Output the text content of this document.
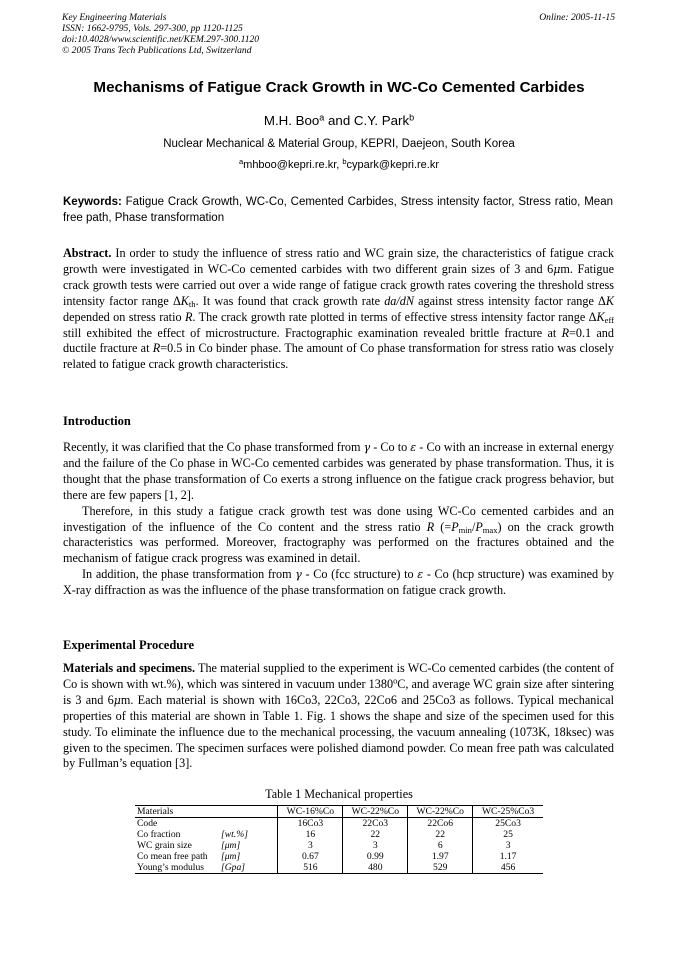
Key Engineering Materials
ISSN: 1662-9795, Vols. 297-300, pp 1120-1125
doi:10.4028/www.scientific.net/KEM.297-300.1120
© 2005 Trans Tech Publications Ltd, Switzerland
Online: 2005-11-15
Mechanisms of Fatigue Crack Growth in WC-Co Cemented Carbides
M.H. Boo$^a$ and C.Y. Park$^b$
Nuclear Mechanical & Material Group, KEPRI, Daejeon, South Korea
$^a$mhboo@kepri.re.kr, $^b$cypark@kepri.re.kr
Keywords: Fatigue Crack Growth, WC-Co, Cemented Carbides, Stress intensity factor, Stress ratio, Mean free path, Phase transformation
Abstract. In order to study the influence of stress ratio and WC grain size, the characteristics of fatigue crack growth were investigated in WC-Co cemented carbides with two different grain sizes of 3 and 6μm. Fatigue crack growth tests were carried out over a wide range of fatigue crack growth rates covering the threshold stress intensity factor range $\Delta K_{th}$. It was found that crack growth rate da/dN against stress intensity factor range ΔK depended on stress ratio R. The crack growth rate plotted in terms of effective stress intensity factor range $\Delta K_{eff}$ still exhibited the effect of microstructure. Fractographic examination revealed brittle fracture at R=0.1 and ductile fracture at R=0.5 in Co binder phase. The amount of Co phase transformation for stress ratio was closely related to fatigue crack growth characteristics.
Introduction
Recently, it was clarified that the Co phase transformed from γ - Co to ε - Co with an increase in external energy and the failure of the Co phase in WC-Co cemented carbides was generated by phase transformation. Thus, it is thought that the phase transformation of Co exerts a strong influence on the fatigue crack progress behavior, but there are few papers [1, 2].
Therefore, in this study a fatigue crack growth test was done using WC-Co cemented carbides and an investigation of the influence of the Co content and the stress ratio R $(=P_{min}/P_{max})$ on the crack growth characteristics was performed. Moreover, fractography was performed on the fractures obtained and the mechanism of fatigue crack progress was examined in detail.
In addition, the phase transformation from γ - Co (fcc structure) to ε - Co (hcp structure) was examined by X-ray diffraction as was the influence of the phase transformation on fatigue crack growth.
Experimental Procedure
Materials and specimens. The material supplied to the experiment is WC-Co cemented carbides (the content of Co is shown with wt.%), which was sintered in vacuum under 1380$^o$C, and average WC grain size after sintering is 3 and 6μm. Each material is shown with 16Co3, 22Co3, 22Co6 and 25Co3 as follows. Typical mechanical properties of this material are shown in Table 1. Fig. 1 shows the shape and size of the specimen used for this study. To eliminate the influence due to the mechanical processing, the vacuum annealing (1073K, 18ksec) was given to the specimen. The specimen surfaces were polished diamond powder. Co mean free path was calculated by Fullman’s equation [3].
Table 1 Mechanical properties
Materials	WC-16%Co	WC-22%Co	WC-22%Co	WC-25%Co3
Code	16Co3	22Co3	22Co6	25Co3
Co fraction [wt.%]	16	22	22	25
WC grain size [μm]	3	3	6	3
Co mean free path [μm]	0.67	0.99	1.97	1.17
Young’s modulus [Gpa]	516	480	529	456
